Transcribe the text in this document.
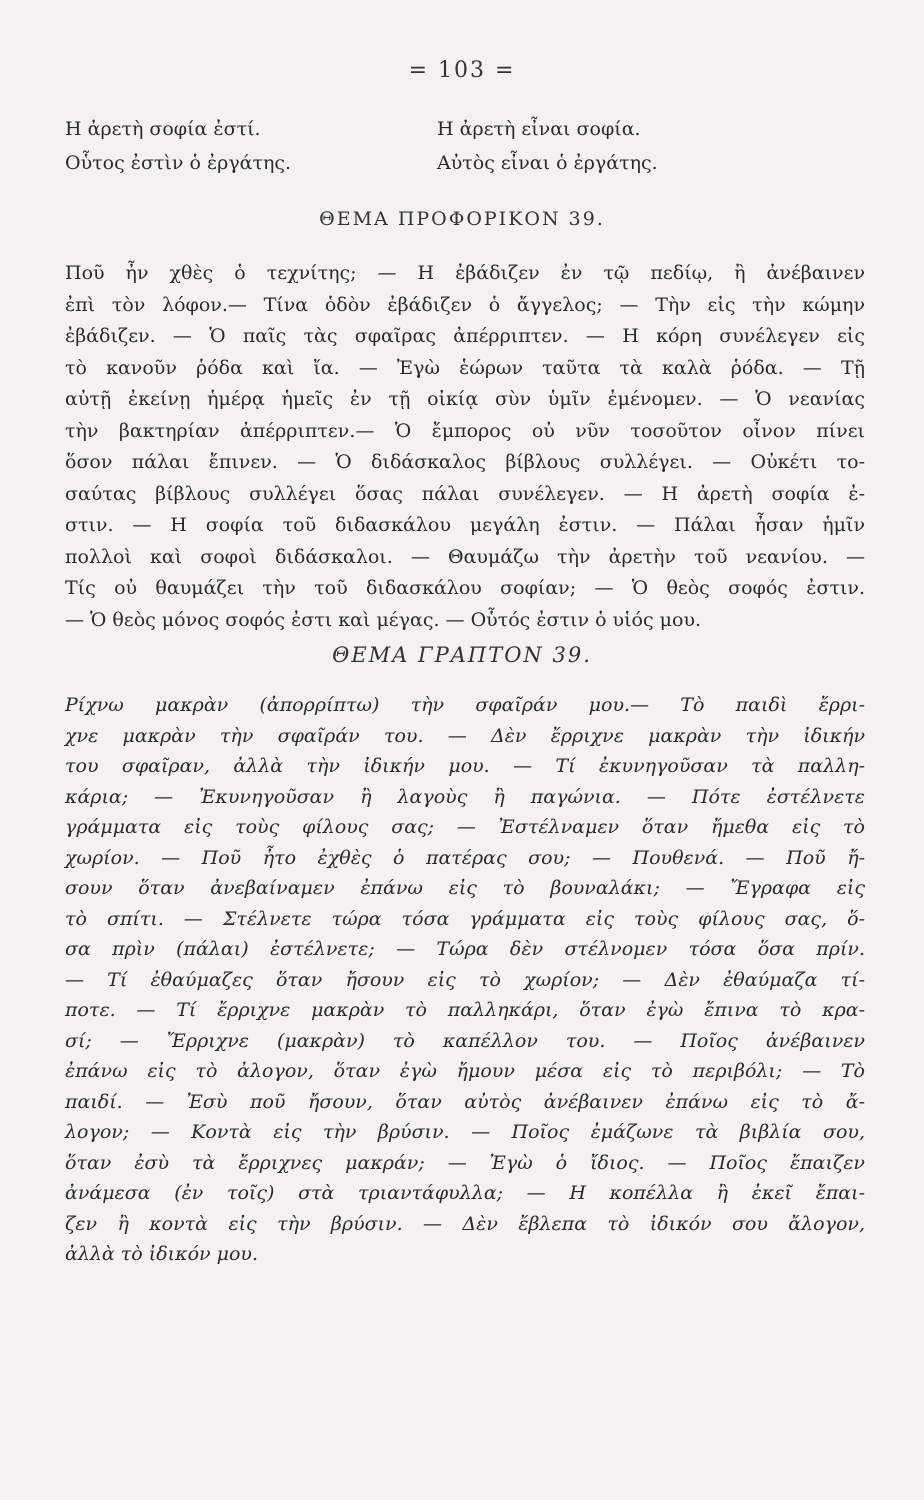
= 103 =
Η ἀρετὴ σοφία ἐστί.	Η ἀρετὴ εἶναι σοφία.
Οὗτος ἐστὶν ὁ ἐργάτης.	Αὐτὸς εἶναι ὁ ἐργάτης.
ΘΕΜΑ ΠΡΟΦΟΡΙΚΟΝ 39.
Ποῦ ἦν χθὲς ὁ τεχνίτης; — Η ἐβάδιζεν ἐν τῷ πεδίῳ, ἢ ἀνέβαινεν
ἐπὶ τὸν λόφον.— Τίνα ὁδὸν ἐβάδιζεν ὁ ἄγγελος; — Τὴν εἰς τὴν κώμην
ἐβάδιζεν. — Ὁ παῖς τὰς σφαῖρας ἀπέρριπτεν. — Η κόρη συνέλεγεν εἰς
τὸ κανοῦν ῥόδα καὶ ἴα. — Ἐγὼ ἑώρων ταῦτα τὰ καλὰ ῥόδα. — Τῇ
αὐτῇ ἐκείνῃ ἡμέρᾳ ἡμεῖς ἐν τῇ οἰκίᾳ σὺν ὑμῖν ἐμένομεν. — Ὁ νεανίας
τὴν βακτηρίαν ἀπέρριπτεν.— Ὁ ἔμπορος οὐ νῦν τοσοῦτον οἶνον πίνει
ὅσον πάλαι ἔπινεν. — Ὁ διδάσκαλος βίβλους συλλέγει. — Οὐκέτι το-
σαύτας βίβλους συλλέγει ὅσας πάλαι συνέλεγεν. — Η ἀρετὴ σοφία ἐ-
στιν. — Η σοφία τοῦ διδασκάλου μεγάλη ἐστιν. — Πάλαι ἦσαν ἡμῖν
πολλοὶ καὶ σοφοὶ διδάσκαλοι. — Θαυμάζω τὴν ἀρετὴν τοῦ νεανίου. —
Τίς οὐ θαυμάζει τὴν τοῦ διδασκάλου σοφίαν; — Ὁ θεὸς σοφός ἐστιν.
— Ὁ θεὸς μόνος σοφός ἐστι καὶ μέγας. — Οὗτός ἐστιν ὁ υἱός μου.
ΘΕΜΑ ΓΡΑΠΤΟΝ 39.
Ρίχνω μακρὰν (ἀπορρίπτω) τὴν σφαῖράν μου.— Τὸ παιδὶ ἔρρι-
χνε μακρὰν τὴν σφαῖράν του. — Δὲν ἔρριχνε μακρὰν τὴν ἰδικήν
του σφαῖραν, ἀλλὰ τὴν ἰδικήν μου. — Τί ἐκυνηγοῦσαν τὰ παλλη-
κάρια; — Ἐκυνηγοῦσαν ἢ λαγοὺς ἢ παγώνια. — Πότε ἐστέλνετε
γράμματα εἰς τοὺς φίλους σας; — Ἐστέλναμεν ὅταν ἤμεθα εἰς τὸ
χωρίον. — Ποῦ ἦτο ἐχθὲς ὁ πατέρας σου; — Πουθενά. — Ποῦ ἤ-
σουν ὅταν ἀνεβαίναμεν ἐπάνω εἰς τὸ βουναλάκι; — Ἔγραφα εἰς
τὸ σπίτι. — Στέλνετε τώρα τόσα γράμματα εἰς τοὺς φίλους σας, ὅ-
σα πρὶν (πάλαι) ἐστέλνετε; — Τώρα δὲν στέλνομεν τόσα ὅσα πρίν.
— Τί ἐθαύμαζες ὅταν ἤσουν εἰς τὸ χωρίον; — Δὲν ἐθαύμαζα τί-
ποτε. — Τί ἔρριχνε μακρὰν τὸ παλληκάρι, ὅταν ἐγὼ ἔπινα τὸ κρα-
σί; — Ἔρριχνε (μακρὰν) τὸ καπέλλον του. — Ποῖος ἀνέβαινεν
ἐπάνω εἰς τὸ ἀλογον, ὅταν ἐγὼ ἤμουν μέσα εἰς τὸ περιβόλι; — Τὸ
παιδί. — Ἐσὺ ποῦ ἤσουν, ὅταν αὐτὸς ἀνέβαινεν ἐπάνω εἰς τὸ ἄ-
λογον; — Κοντὰ εἰς τὴν βρύσιν. — Ποῖος ἐμάζωνε τὰ βιβλία σου,
ὅταν ἐσὺ τὰ ἔρριχνες μακράν; — Ἐγὼ ὁ ἴδιος. — Ποῖος ἔπαιζεν
ἀνάμεσα (ἐν τοῖς) στὰ τριαντάφυλλα; — Η κοπέλλα ἢ ἐκεῖ ἔπαι-
ζεν ἢ κοντὰ εἰς τὴν βρύσιν. — Δὲν ἔβλεπα τὸ ἰδικόν σου ἄλογον,
ἀλλὰ τὸ ἰδικόν μου.
